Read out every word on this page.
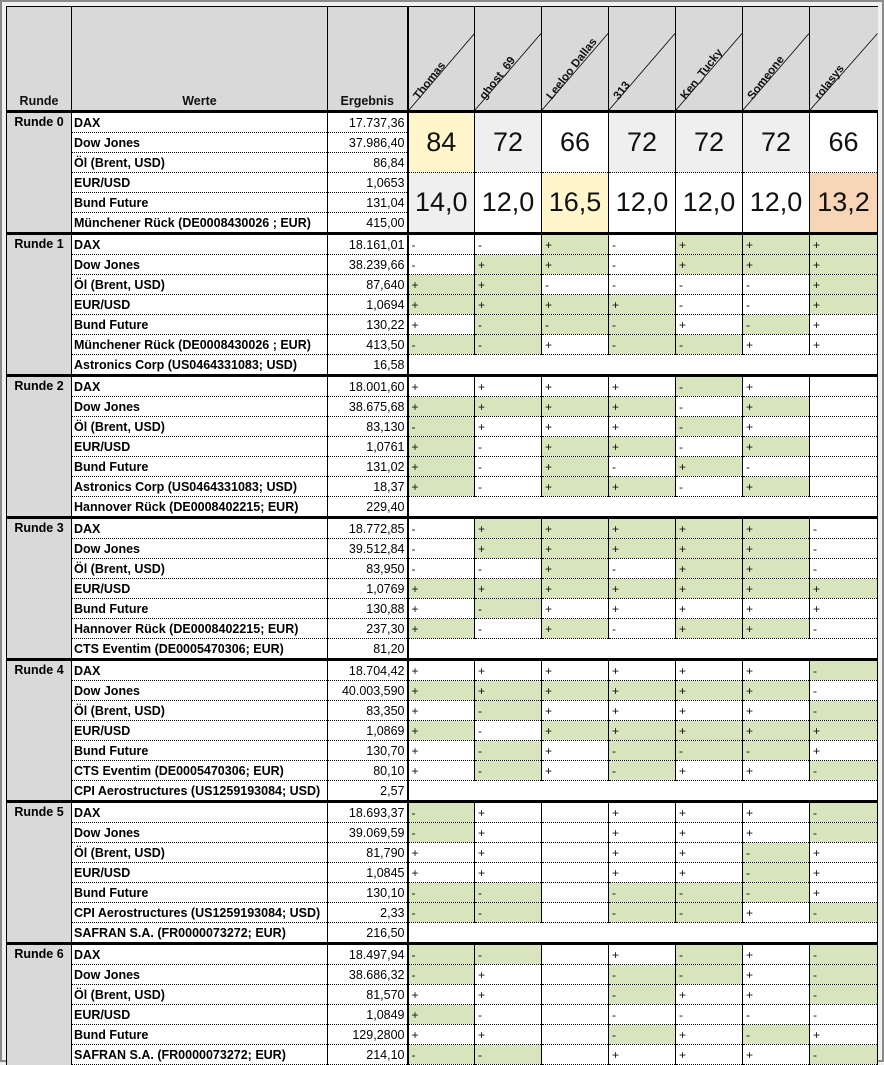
Runde	Werte	Ergebnis	Thomas	ghost_69	Leeloo Dallas	313	Ken_Tucky	Someone	rolasys

Runde 0	DAX	17.737,36	84	72	66	72	72	72	66
	Dow Jones	37.986,40							
	Öl (Brent, USD)	86,84							
	EUR/USD	1,0653	14,0	12,0	16,5	12,0	12,0	12,0	13,2
	Bund Future	131,04							
	Münchener Rück (DE0008430026 ; EUR)	415,00							
Runde 1	DAX	18.161,01	-	-	+	-	+	+	+
	Dow Jones	38.239,66	-	+	+	-	+	+	+
	Öl (Brent, USD)	87,640	+	+	-	-	-	-	+
	EUR/USD	1,0694	+	+	+	+	-	-	+
	Bund Future	130,22	+	-	-	-	+	-	+
	Münchener Rück (DE0008430026 ; EUR)	413,50	-	-	+	-	-	+	+
	Astronics Corp (US0464331083; USD)	16,58							
Runde 2	DAX	18.001,60	+	+	+	+	-	+	
	Dow Jones	38.675,68	+	+	+	+	-	+	
	Öl (Brent, USD)	83,130	-	+	+	+	-	+	
	EUR/USD	1,0761	+	-	+	+	-	+	
	Bund Future	131,02	+	-	+	-	+	-	
	Astronics Corp (US0464331083; USD)	18,37	+	-	+	+	-	+	
	Hannover Rück (DE0008402215; EUR)	229,40							
Runde 3	DAX	18.772,85	-	+	+	+	+	+	-
	Dow Jones	39.512,84	-	+	+	+	+	+	-
	Öl (Brent, USD)	83,950	-	-	+	-	+	+	-
	EUR/USD	1,0769	+	+	+	+	+	+	+
	Bund Future	130,88	+	-	+	+	+	+	+
	Hannover Rück (DE0008402215; EUR)	237,30	+	-	+	-	+	+	-
	CTS Eventim (DE0005470306; EUR)	81,20							
Runde 4	DAX	18.704,42	+	+	+	+	+	+	-
	Dow Jones	40.003,590	+	+	+	+	+	+	-
	Öl (Brent, USD)	83,350	+	-	+	+	+	+	-
	EUR/USD	1,0869	+	-	+	+	+	+	+
	Bund Future	130,70	+	-	+	-	-	-	+
	CTS Eventim (DE0005470306; EUR)	80,10	+	-	+	-	+	+	-
	CPI Aerostructures (US1259193084; USD)	2,57							
Runde 5	DAX	18.693,37	-	+		+	+	+	-
	Dow Jones	39.069,59	-	+		+	+	+	-
	Öl (Brent, USD)	81,790	+	+		+	+	-	+
	EUR/USD	1,0845	+	+		+	+	-	+
	Bund Future	130,10	-	-		-	-	-	+
	CPI Aerostructures (US1259193084; USD)	2,33	-	-		-	-	+	-
	SAFRAN S.A. (FR0000073272; EUR)	216,50							
Runde 6	DAX	18.497,94	-	-		+	-	+	-
	Dow Jones	38.686,32	-	+		-	-	+	-
	Öl (Brent, USD)	81,570	+	+		-	+	+	-
	EUR/USD	1,0849	+	-		-	-	-	-
	Bund Future	129,2800	+	+		-	+	-	+
	SAFRAN S.A. (FR0000073272; EUR)	214,10	-	-		+	+	+	-
